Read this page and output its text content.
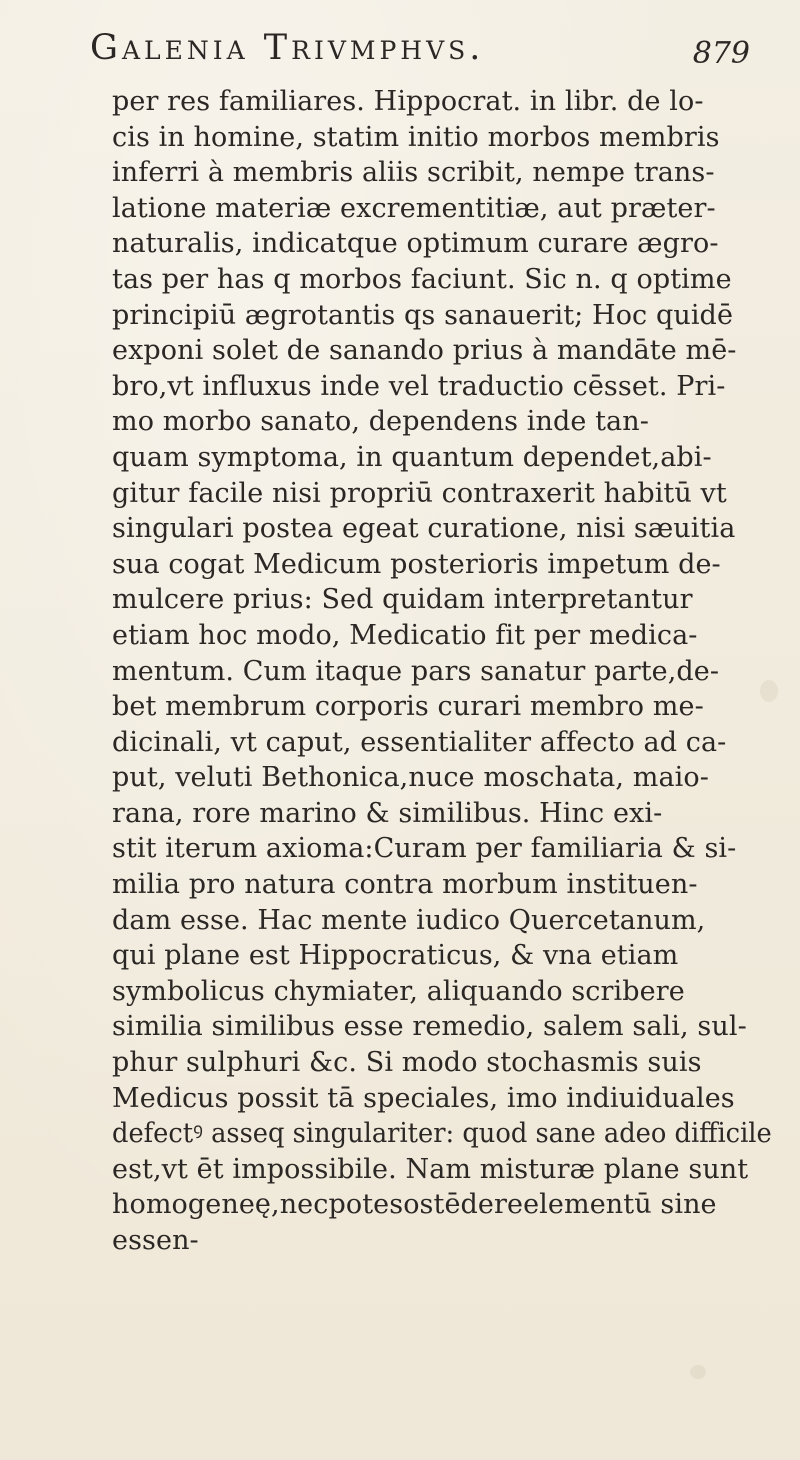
Galenia Trivmphvs.	879
per res familiares. Hippocrat. in libr. de lo-
cis in homine, statim initio morbos membris
inferri à membris aliis scribit, nempe trans-
latione materiæ excrementitiæ, aut præter-
naturalis, indicatque optimum curare ægro-
tas per has q morbos faciunt. Sic n. q optime
principiū ægrotantis qs sanauerit; Hoc quidē
exponi solet de sanando prius à mandāte mē-
bro,vt influxus inde vel traductio cēsset. Pri-
mo morbo sanato, dependens inde tan-
quam symptoma, in quantum dependet,abi-
gitur facile nisi propriū contraxerit habitū vt
singulari postea egeat curatione, nisi sæuitia
sua cogat Medicum posterioris impetum de-
mulcere prius: Sed quidam interpretantur
etiam hoc modo, Medicatio fit per medica-
mentum. Cum itaque pars sanatur parte,de-
bet membrum corporis curari membro me-
dicinali, vt caput, essentialiter affecto ad ca-
put, veluti Bethonica,nuce moschata, maio-
rana, rore marino & similibus. Hinc exi-
stit iterum axioma:Curam per familiaria & si-
milia pro natura contra morbum instituen-
dam esse. Hac mente iudico Quercetanum,
qui plane est Hippocraticus, & vna etiam
symbolicus chymiater, aliquando scribere
similia similibus esse remedio, salem sali, sul-
phur sulphuri &c. Si modo stochasmis suis
Medicus possit tā speciales, imo indiuiduales
defectꝰ asseq singulariter: quod sane adeo difficile
est,vt ēt impossibile. Nam misturæ plane sunt
homogeneę,necpotesostēdereelementū sine
essen-
